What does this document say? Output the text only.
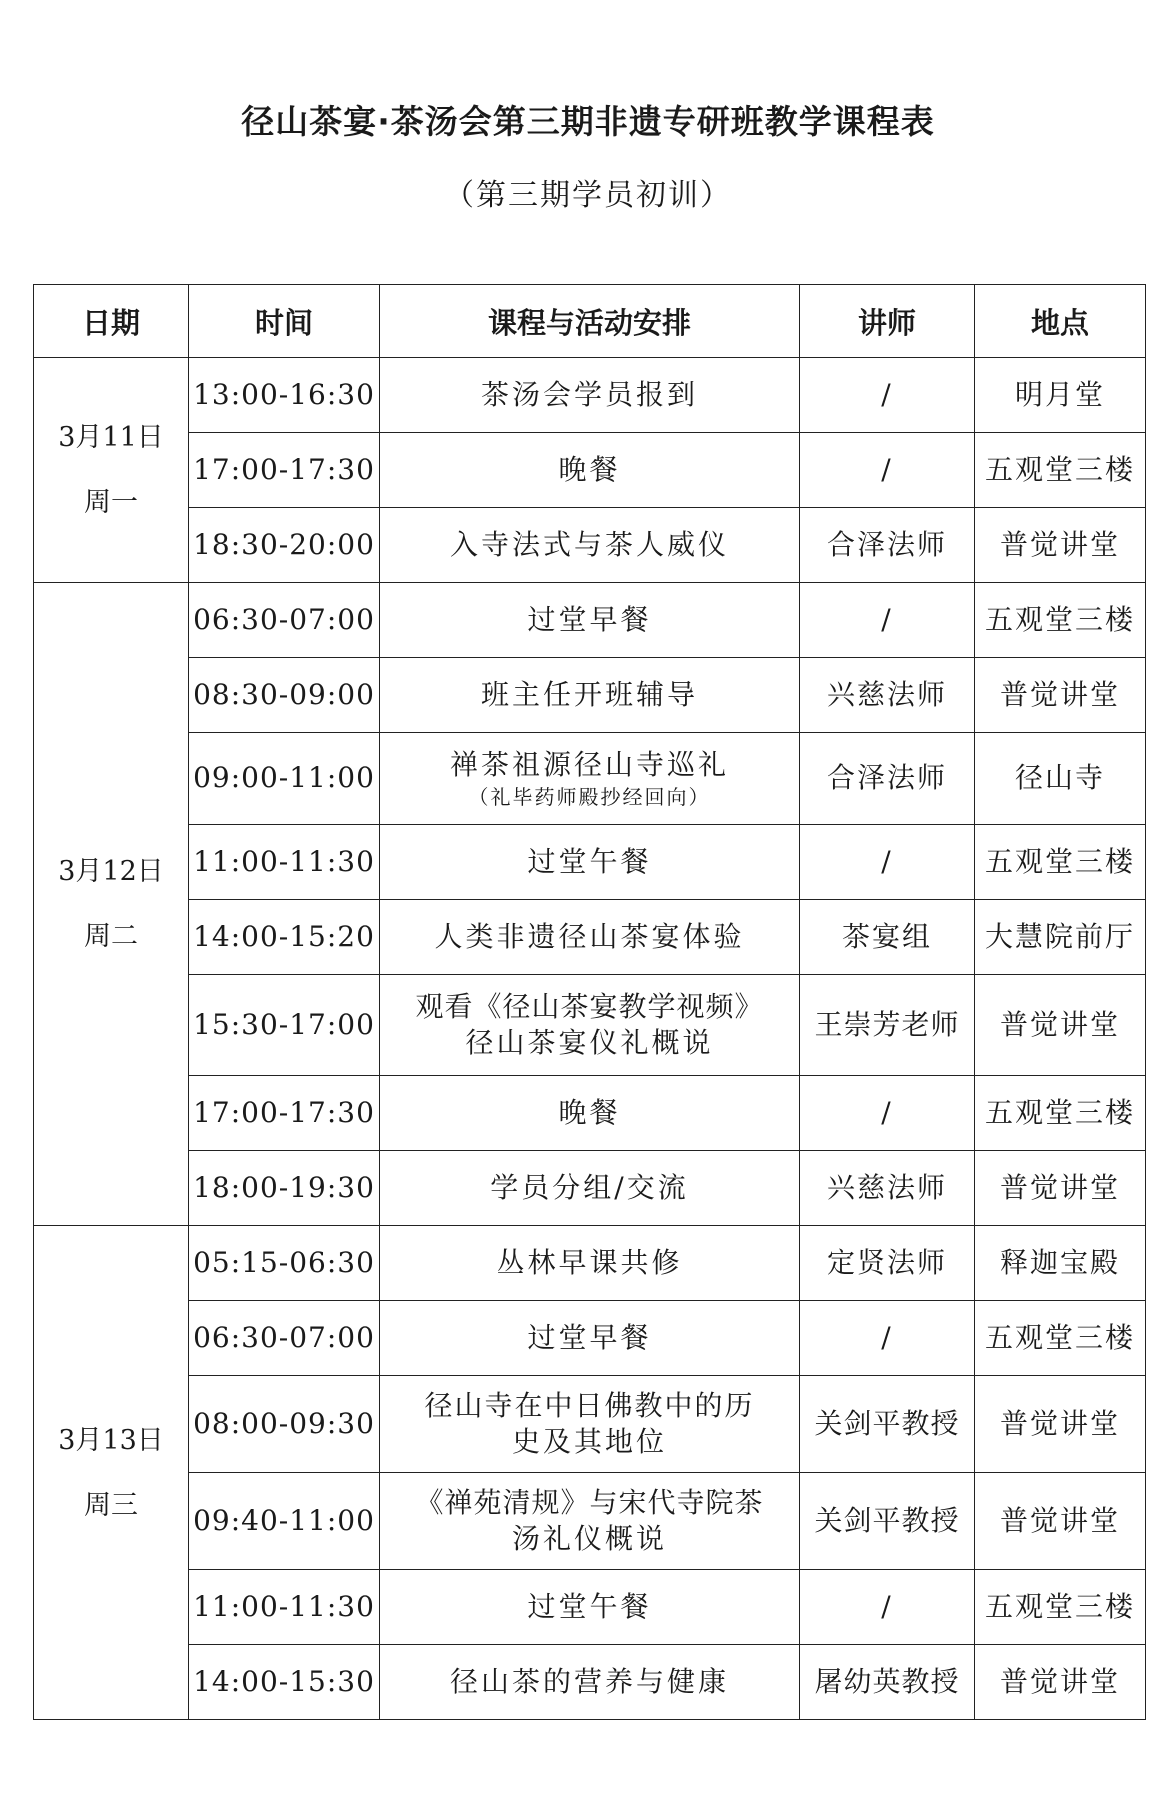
径山茶宴·茶汤会第三期非遗专研班教学课程表
（第三期学员初训）
日期	时间	课程与活动安排	讲师	地点

3月11日
周一	13:00-16:30	茶汤会学员报到	/	明月堂
	17:00-17:30	晚餐	/	五观堂三楼
	18:30-20:00	入寺法式与茶人威仪	合泽法师	普觉讲堂

3月12日
周二	06:30-07:00	过堂早餐	/	五观堂三楼
	08:30-09:00	班主任开班辅导	兴慈法师	普觉讲堂
	09:00-11:00	禅茶祖源径山寺巡礼
（礼毕药师殿抄经回向）	合泽法师	径山寺
	11:00-11:30	过堂午餐	/	五观堂三楼
	14:00-15:20	人类非遗径山茶宴体验	茶宴组	大慧院前厅
	15:30-17:00	观看《径山茶宴教学视频》
径山茶宴仪礼概说	王崇芳老师	普觉讲堂
	17:00-17:30	晚餐	/	五观堂三楼
	18:00-19:30	学员分组/交流	兴慈法师	普觉讲堂

3月13日
周三	05:15-06:30	丛林早课共修	定贤法师	释迦宝殿
	06:30-07:00	过堂早餐	/	五观堂三楼
	08:00-09:30	径山寺在中日佛教中的历
史及其地位	关剑平教授	普觉讲堂
	09:40-11:00	《禅苑清规》与宋代寺院茶
汤礼仪概说	关剑平教授	普觉讲堂
	11:00-11:30	过堂午餐	/	五观堂三楼
	14:00-15:30	径山茶的营养与健康	屠幼英教授	普觉讲堂
